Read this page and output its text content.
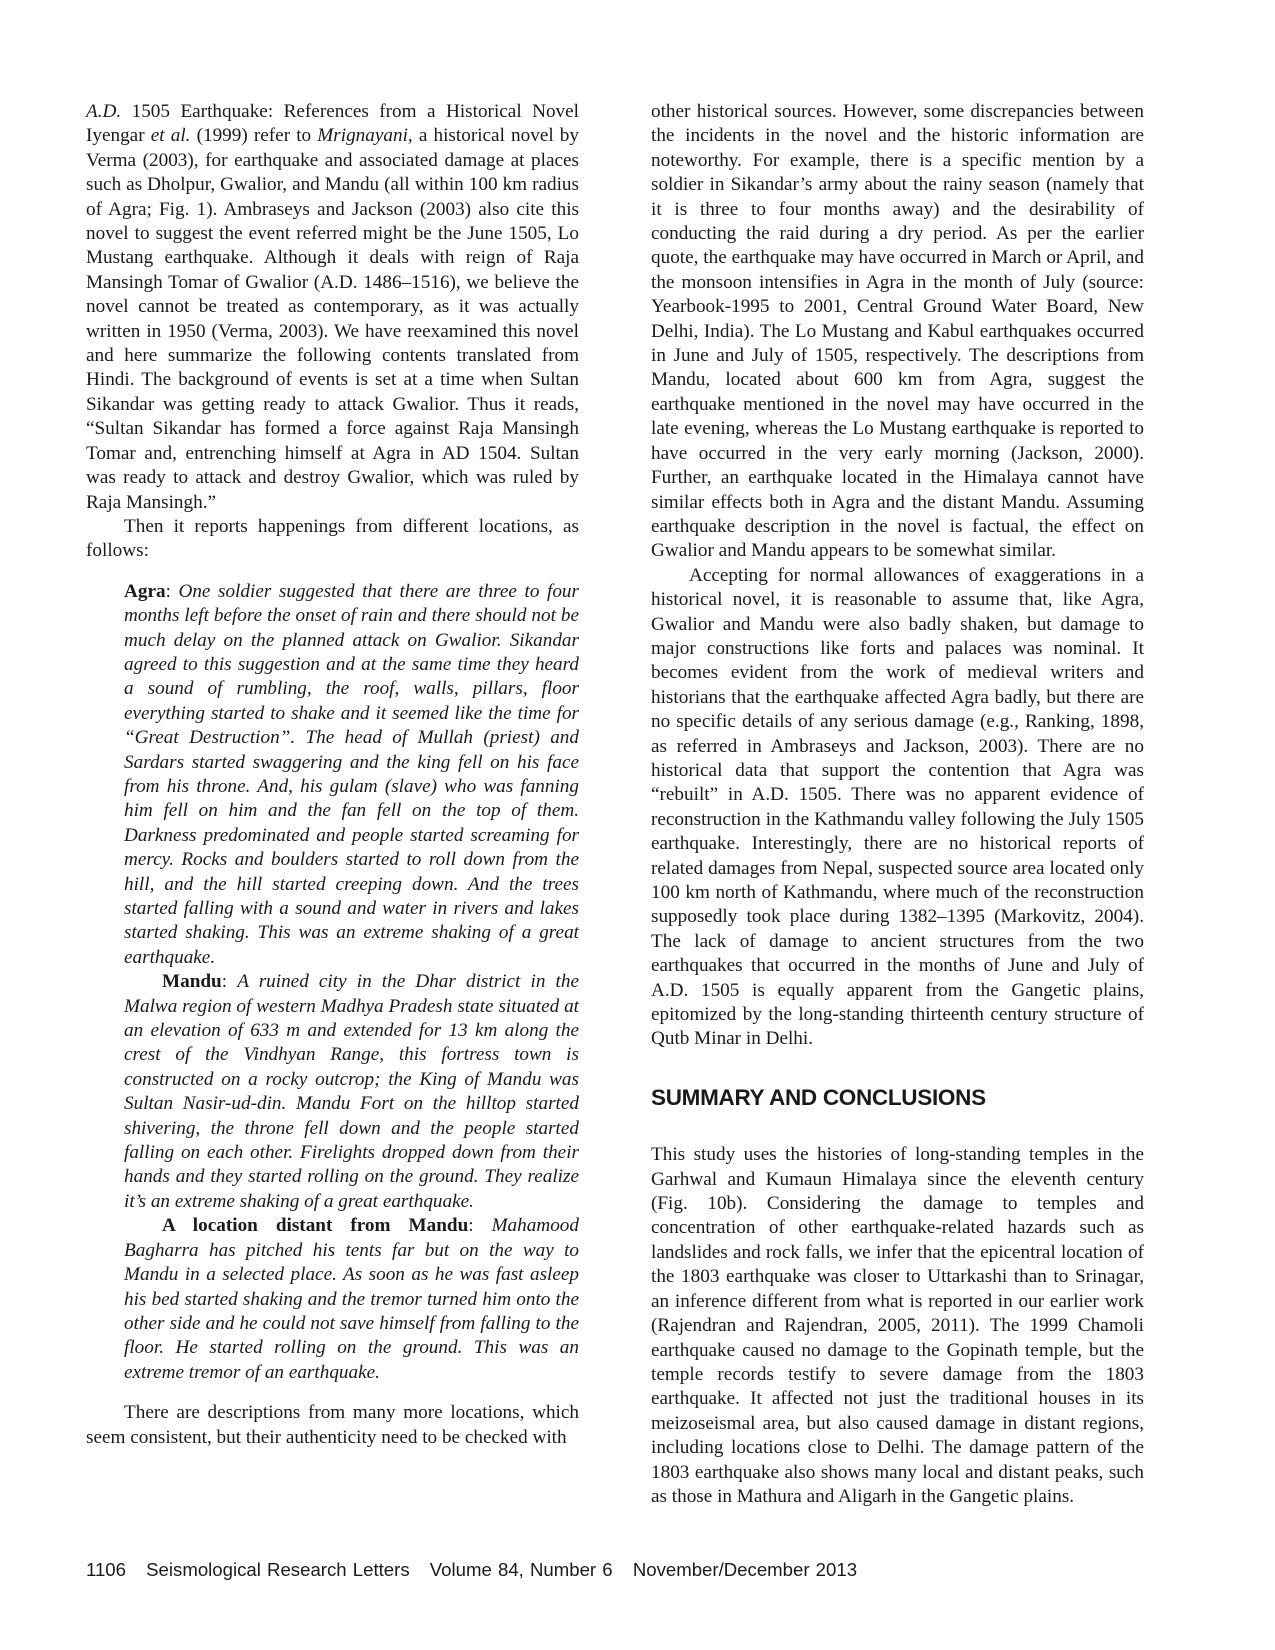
A.D. 1505 Earthquake: References from a Historical Novel Iyengar et al. (1999) refer to Mrignayani, a historical novel by Verma (2003), for earthquake and associated damage at places such as Dholpur, Gwalior, and Mandu (all within 100 km radius of Agra; Fig. 1). Ambraseys and Jackson (2003) also cite this novel to suggest the event referred might be the June 1505, Lo Mustang earthquake. Although it deals with reign of Raja Mansingh Tomar of Gwalior (A.D. 1486–1516), we believe the novel cannot be treated as contemporary, as it was actually written in 1950 (Verma, 2003). We have reexamined this novel and here summarize the following contents translated from Hindi. The background of events is set at a time when Sultan Sikandar was getting ready to attack Gwalior. Thus it reads, “Sultan Sikandar has formed a force against Raja Mansingh Tomar and, entrenching himself at Agra in AD 1504. Sultan was ready to attack and destroy Gwalior, which was ruled by Raja Mansingh.”

Then it reports happenings from different locations, as follows:

Agra: One soldier suggested that there are three to four months left before the onset of rain and there should not be much delay on the planned attack on Gwalior. Sikandar agreed to this suggestion and at the same time they heard a sound of rumbling, the roof, walls, pillars, floor everything started to shake and it seemed like the time for “Great Destruction”. The head of Mullah (priest) and Sardars started swaggering and the king fell on his face from his throne. And, his gulam (slave) who was fanning him fell on him and the fan fell on the top of them. Darkness predominated and people started screaming for mercy. Rocks and boulders started to roll down from the hill, and the hill started creeping down. And the trees started falling with a sound and water in rivers and lakes started shaking. This was an extreme shaking of a great earthquake.

Mandu: A ruined city in the Dhar district in the Malwa region of western Madhya Pradesh state situated at an elevation of 633 m and extended for 13 km along the crest of the Vindhyan Range, this fortress town is constructed on a rocky outcrop; the King of Mandu was Sultan Nasir-ud-din. Mandu Fort on the hilltop started shivering, the throne fell down and the people started falling on each other. Firelights dropped down from their hands and they started rolling on the ground. They realize it’s an extreme shaking of a great earthquake.

A location distant from Mandu: Mahamood Bagharra has pitched his tents far but on the way to Mandu in a selected place. As soon as he was fast asleep his bed started shaking and the tremor turned him onto the other side and he could not save himself from falling to the floor. He started rolling on the ground. This was an extreme tremor of an earthquake.

There are descriptions from many more locations, which seem consistent, but their authenticity need to be checked with

other historical sources. However, some discrepancies between the incidents in the novel and the historic information are noteworthy. For example, there is a specific mention by a soldier in Sikandar’s army about the rainy season (namely that it is three to four months away) and the desirability of conducting the raid during a dry period. As per the earlier quote, the earthquake may have occurred in March or April, and the monsoon intensifies in Agra in the month of July (source: Yearbook-1995 to 2001, Central Ground Water Board, New Delhi, India). The Lo Mustang and Kabul earthquakes occurred in June and July of 1505, respectively. The descriptions from Mandu, located about 600 km from Agra, suggest the earthquake mentioned in the novel may have occurred in the late evening, whereas the Lo Mustang earthquake is reported to have occurred in the very early morning (Jackson, 2000). Further, an earthquake located in the Himalaya cannot have similar effects both in Agra and the distant Mandu. Assuming earthquake description in the novel is factual, the effect on Gwalior and Mandu appears to be somewhat similar.

Accepting for normal allowances of exaggerations in a historical novel, it is reasonable to assume that, like Agra, Gwalior and Mandu were also badly shaken, but damage to major constructions like forts and palaces was nominal. It becomes evident from the work of medieval writers and historians that the earthquake affected Agra badly, but there are no specific details of any serious damage (e.g., Ranking, 1898, as referred in Ambraseys and Jackson, 2003). There are no historical data that support the contention that Agra was “rebuilt” in A.D. 1505. There was no apparent evidence of reconstruction in the Kathmandu valley following the July 1505 earthquake. Interestingly, there are no historical reports of related damages from Nepal, suspected source area located only 100 km north of Kathmandu, where much of the reconstruction supposedly took place during 1382–1395 (Markovitz, 2004). The lack of damage to ancient structures from the two earthquakes that occurred in the months of June and July of A.D. 1505 is equally apparent from the Gangetic plains, epitomized by the long-standing thirteenth century structure of Qutb Minar in Delhi.

SUMMARY AND CONCLUSIONS

This study uses the histories of long-standing temples in the Garhwal and Kumaun Himalaya since the eleventh century (Fig. 10b). Considering the damage to temples and concentration of other earthquake-related hazards such as landslides and rock falls, we infer that the epicentral location of the 1803 earthquake was closer to Uttarkashi than to Srinagar, an inference different from what is reported in our earlier work (Rajendran and Rajendran, 2005, 2011). The 1999 Chamoli earthquake caused no damage to the Gopinath temple, but the temple records testify to severe damage from the 1803 earthquake. It affected not just the traditional houses in its meizoseismal area, but also caused damage in distant regions, including locations close to Delhi. The damage pattern of the 1803 earthquake also shows many local and distant peaks, such as those in Mathura and Aligarh in the Gangetic plains.

1106 Seismological Research Letters Volume 84, Number 6 November/December 2013
